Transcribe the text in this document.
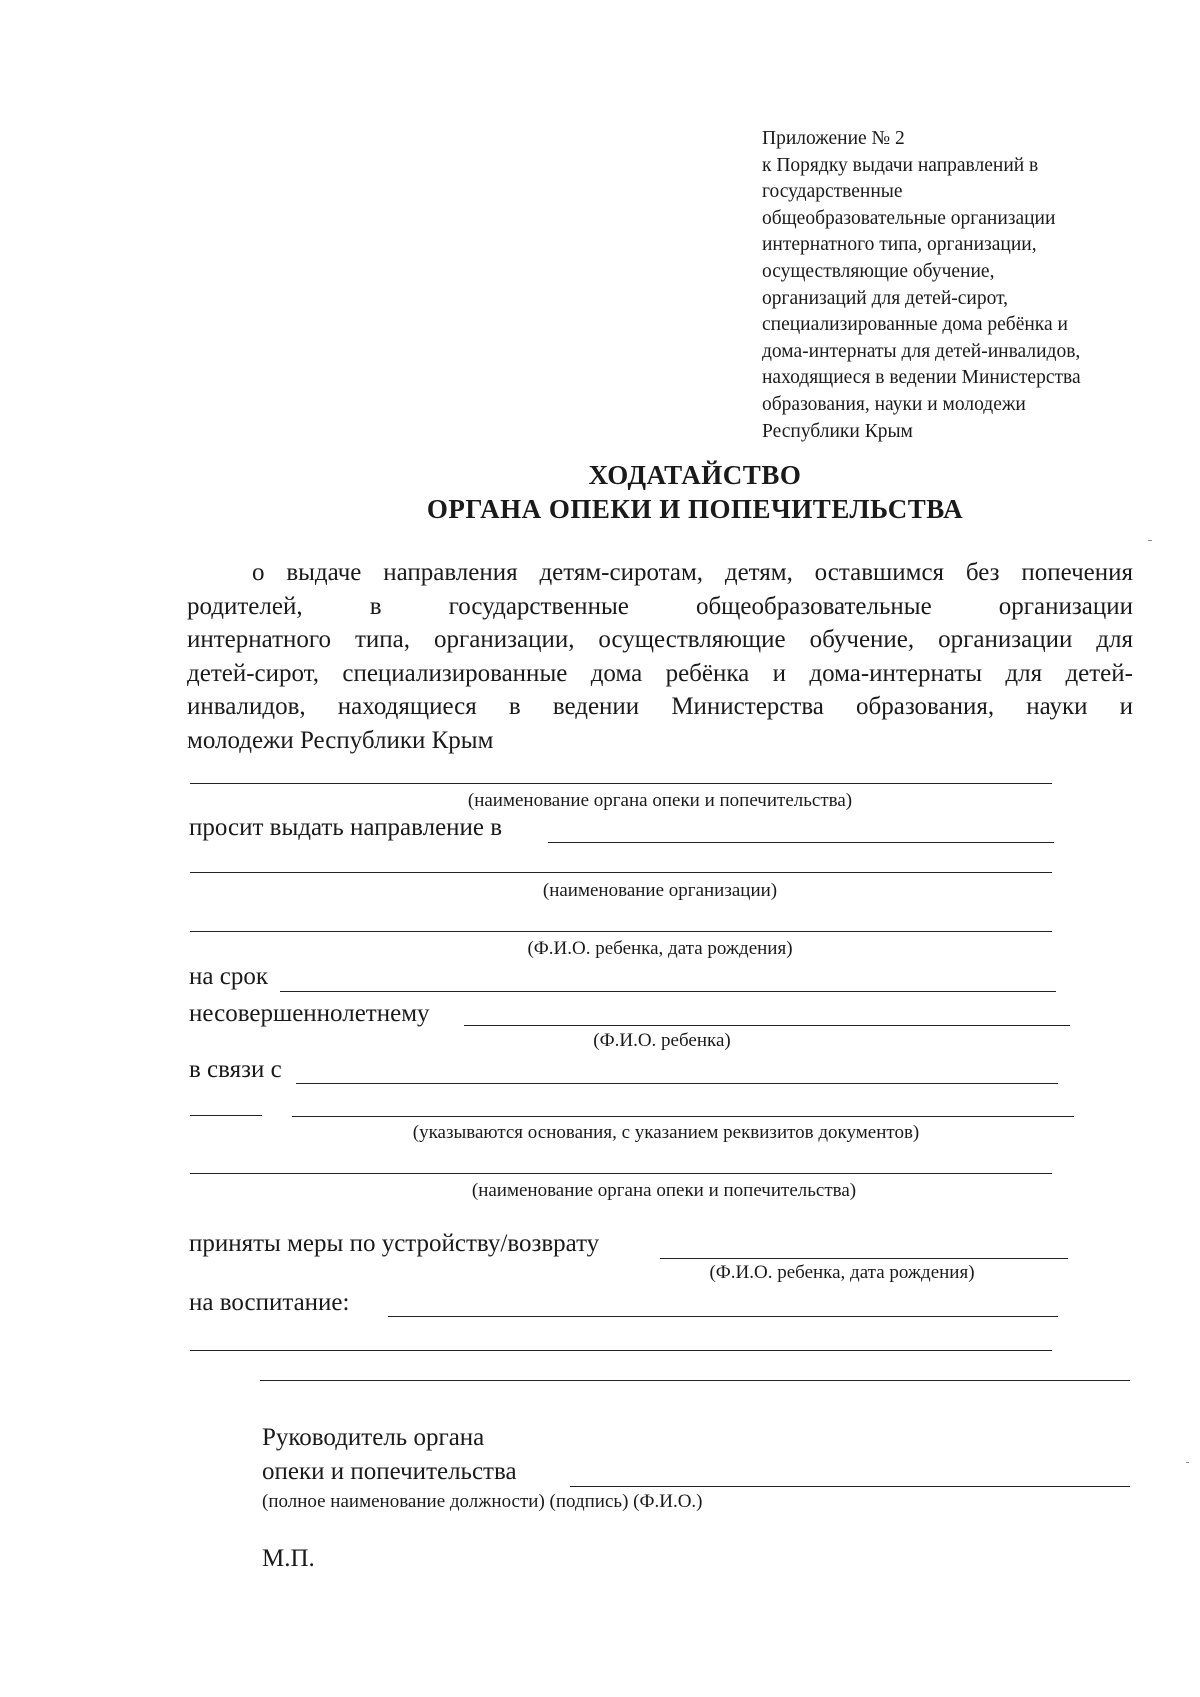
Приложение № 2
к Порядку выдачи направлений в
государственные
общеобразовательные организации
интернатного типа, организации,
осуществляющие обучение,
организаций для детей-сирот,
специализированные дома ребёнка и
дома-интернаты для детей-инвалидов,
находящиеся в ведении Министерства
образования, науки и молодежи
Республики Крым
ХОДАТАЙСТВО
ОРГАНА ОПЕКИ И ПОПЕЧИТЕЛЬСТВА
о выдаче направления детям-сиротам, детям, оставшимся без попечения
родителей, в государственные общеобразовательные организации
интернатного типа, организации, осуществляющие обучение, организации для
детей-сирот, специализированные дома ребёнка и дома-интернаты для детей-
инвалидов, находящиеся в ведении Министерства образования, науки и
молодежи Республики Крым
(наименование органа опеки и попечительства)
просит выдать направление в
(наименование организации)
(Ф.И.О. ребенка, дата рождения)
на срок
несовершеннолетнему
(Ф.И.О. ребенка)
в связи с
(указываются основания, с указанием реквизитов документов)
(наименование органа опеки и попечительства)
приняты меры по устройству/возврату
(Ф.И.О. ребенка, дата рождения)
на воспитание:
Руководитель органа
опеки и попечительства
(полное наименование должности) (подпись) (Ф.И.О.)
М.П.
